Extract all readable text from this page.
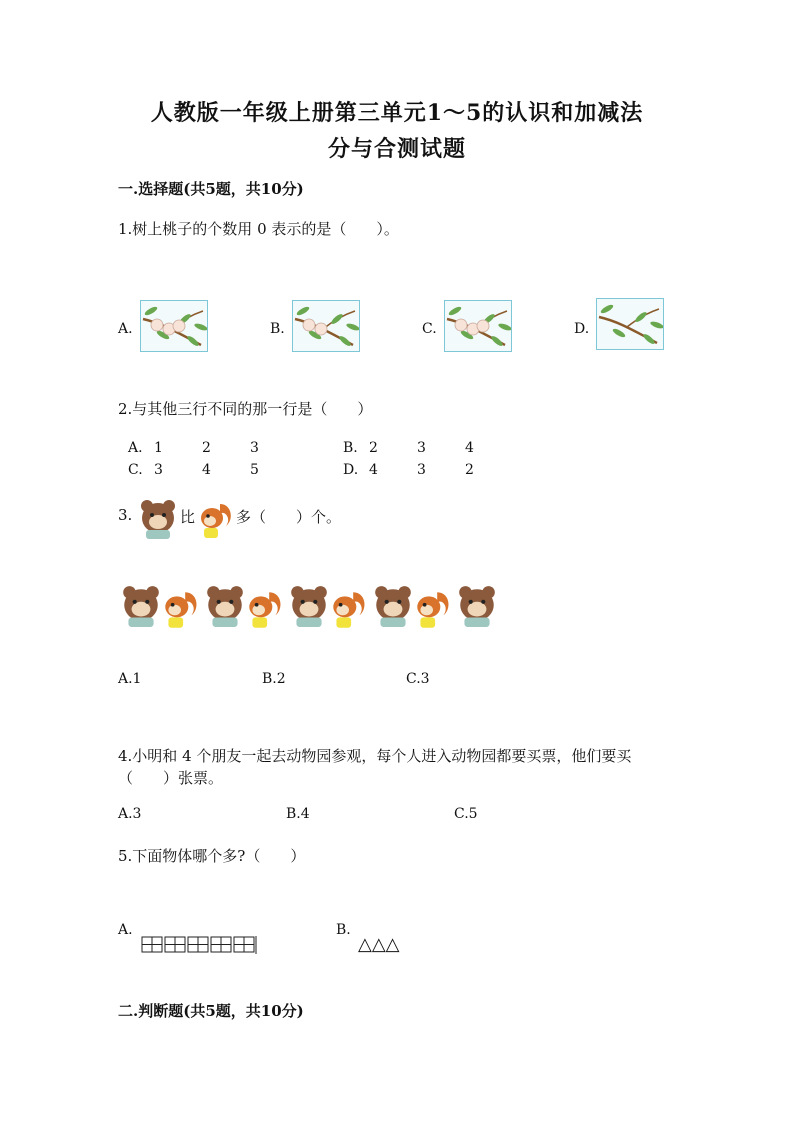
人教版一年级上册第三单元1～5的认识和加减法
分与合测试题
一.选择题(共5题，共10分)
1.树上桃子的个数用 0 表示的是（　　）。
A.	B.	C.	D.
2.与其他三行不同的那一行是（　　）
A. 1	2	3	B. 2	3	4
C. 3	4	5	D. 4	3	2
3.	比	多（　　）个。
A.1	B.2	C.3
4.小明和 4 个朋友一起去动物园参观，每个人进入动物园都要买票，他们要买
（　　）张票。
A.3	B.4	C.5
5.下面物体哪个多?（　　）
A.	B.
△△△
二.判断题(共5题，共10分)
